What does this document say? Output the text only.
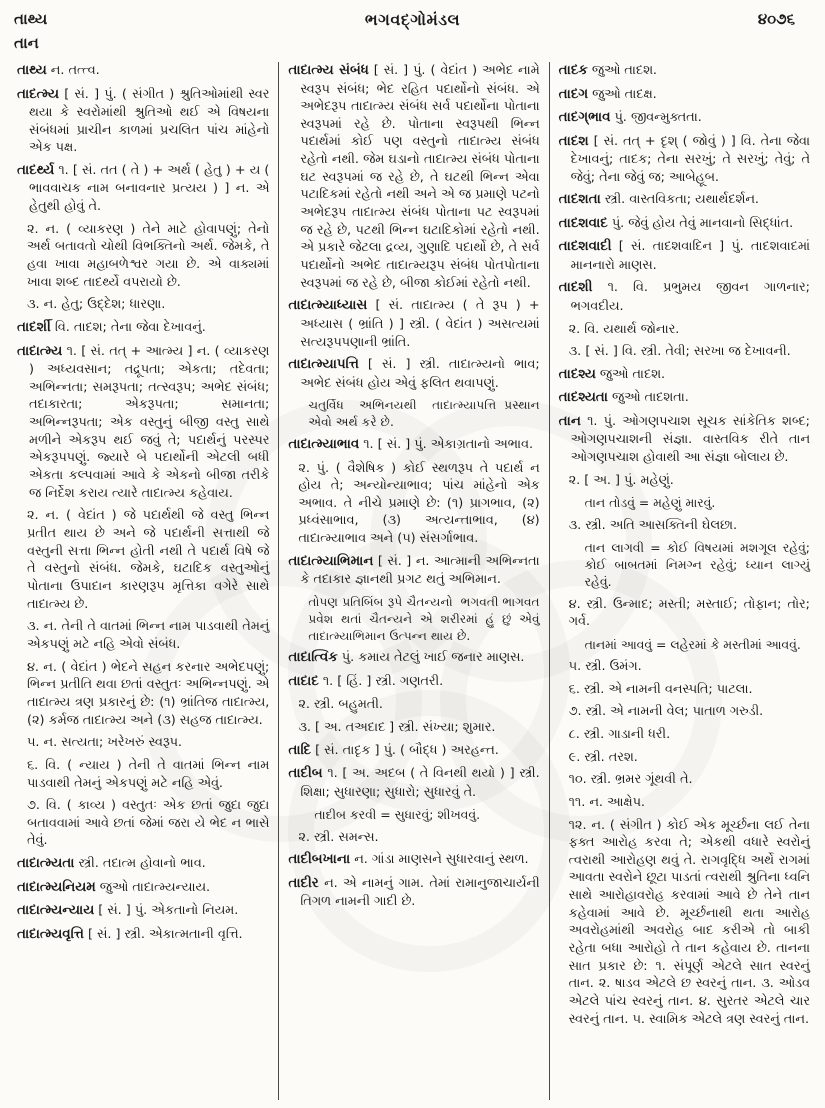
તાથ્ય
તાન
ભગવદ્ગોમંડલ	૪૦૭૬

તાથ્ય ન. તત્ત્વ.

તાદત્મ્ય [ સં. ] પું. ( સંગીત ) શ્રુતિઓમાંથી સ્વર થયા કે સ્વરોમાંથી શ્રુતિઓ થઈ એ વિષયના સંબંધમાં પ્રાચીન કાળમાં પ્રચલિત પાંચ માંહેનો એક પક્ષ.

તાદર્થ્ય ૧. [ સં. તત ( તે ) + અર્થ ( હેતુ ) + ય ( ભાવવાચક નામ બનાવનાર પ્રત્યય ) ] ન. એ હેતુથી હોવું તે.

૨. ન. ( વ્યાકરણ ) તેને માટે હોવાપણું; તેનો અર્થ બતાવતો ચોથી વિભક્તિનો અર્થ. જેમકે, તે હવા ખાવા મહાબળેશ્વર ગયા છે. એ વાક્યમાં ખાવા શબ્દ તાદર્થ્યે વપરાયો છે.

૩. ન. હેતુ; ઉદ્દેશ; ધારણા.

તાદર્શી વિ. તાદશ; તેના જેવા દેખાવનું.

તાદાત્મ્ય ૧. [ સં. તત્ + આત્મ્ય ] ન. ( વ્યાકરણ ) અધ્યવસાન; તદ્રૂપતા; એકતા; તદેવતા; અભિન્નતા; સમરૂપતા; તત્સ્વરૂપ; અભેદ સંબંધ; તદાકારતા; એકરૂપતા; સમાનતા; અભિન્નરૂપતા; એક વસ્તુનું બીજી વસ્તુ સાથે મળીને એકરૂપ થઈ જવું તે; પદાર્થનું પરસ્પર એકરૂપપણું. જ્યારે બે પદાર્થોની એટલી બધી એકતા કલ્પવામાં આવે કે એકનો બીજા તરીકે જ નિર્દેશ કરાય ત્યારે તાદાત્મ્ય કહેવાય.

૨. ન. ( વેદાંત ) જે પદાર્થથી જે વસ્તુ ભિન્ન પ્રતીત થાય છે અને જે પદાર્થની સત્તાથી જે વસ્તુની સત્તા ભિન્ન હોતી નથી તે પદાર્થ વિષે જે તે વસ્તુનો સંબંધ. જેમકે, ઘટાદિક વસ્તુઓનું પોતાના ઉપાદાન કારણરૂપ મૃત્તિકા વગેરે સાથે તાદાત્મ્ય છે.

૩. ન. તેની તે વાતમાં ભિન્ન નામ પાડવાથી તેમનું એકપણું મટે નહિ એવો સંબંધ.

૪. ન. ( વેદાંત ) ભેદને સહન કરનાર અભેદપણું; ભિન્ન પ્રતીતિ થવા છતાં વસ્તુતઃ અભિન્નપણું. એ તાદાત્મ્ય ત્રણ પ્રકારનું છે: (૧) ભ્રાંતિજ તાદાત્મ્ય, (૨) કર્મજ તાદાત્મ્ય અને (૩) સહજ તાદાત્મ્ય.

૫. ન. સત્યતા; ખરેખરું સ્વરૂપ.

૬. વિ. ( ન્યાય ) તેની તે વાતમાં ભિન્ન નામ પાડવાથી તેમનું એકપણું મટે નહિ એવું.

૭. વિ. ( કાવ્ય ) વસ્તુતઃ એક છતાં જુદા જુદા બતાવવામાં આવે છતાં જેમાં જરા યે ભેદ ન ભાસે તેવું.

તાદાત્મ્યતા સ્ત્રી. તદાત્મ હોવાનો ભાવ.

તાદાત્મ્યનિયમ જુઓ તાદાત્મ્યન્યાય.

તાદાત્મ્યન્યાય [ સં. ] પું. એકતાનો નિયમ.

તાદાત્મ્યવૃત્તિ [ સં. ] સ્ત્રી. એકાત્મતાની વૃત્તિ.

તાદાત્મ્ય સંબંધ [ સં. ] પું. ( વેદાંત ) અભેદ નામે સ્વરૂપ સંબંધ; ભેદ રહિત પદાર્થોનો સંબંધ. એ અભેદરૂપ તાદાત્મ્ય સંબંધ સર્વ પદાર્થોના પોતાના સ્વરૂપમાં રહે છે. પોતાના સ્વરૂપથી ભિન્ન પદાર્થમાં કોઈ પણ વસ્તુનો તાદાત્મ્ય સંબંધ રહેતો નથી. જેમ ઘડાનો તાદાત્મ્ય સંબંધ પોતાના ઘટ સ્વરૂપમાં જ રહે છે, તે ઘટથી ભિન્ન એવા પટાદિકમાં રહેતો નથી અને એ જ પ્રમાણે પટનો અભેદરૂપ તાદાત્મ્ય સંબંધ પોતાના પટ સ્વરૂપમાં જ રહે છે, પટથી ભિન્ન ઘટાદિકોમાં રહેતો નથી. એ પ્રકારે જેટલા દ્રવ્ય, ગુણાદિ પદાર્થો છે, તે સર્વ પદાર્થોનો અભેદ તાદાત્મ્યરૂપ સંબંધ પોતપોતાના સ્વરૂપમાં જ રહે છે, બીજા કોઈમાં રહેતો નથી.

તાદાત્મ્યાધ્યાસ [ સં. તાદાત્મ્ય ( તે રૂપ ) + અધ્યાસ ( ભ્રાંતિ ) ] સ્ત્રી. ( વેદાંત ) અસત્યમાં સત્યરૂપપણાની ભ્રાંતિ.

તાદાત્મ્યાપત્તિ [ સં. ] સ્ત્રી. તાદાત્મ્યનો ભાવ; અભેદ સંબંધ હોય એવું ફલિત થવાપણું.

પ્રસ્થાન
ચતુર્વિધ અભિનયથી તાદાત્મ્યાપત્તિ એવો અર્થ કરે છે.

તાદાત્મ્યાભાવ ૧. [ સં. ] પું. એકાગ્રતાનો અભાવ.

૨. પું. ( વૈશેષિક ) કોઈ સ્થળરૂપ તે પદાર્થ ન હોય તે; અન્યોન્યાભાવ; પાંચ માંહેનો એક અભાવ. તે નીચે પ્રમાણે છે: (૧) પ્રાગભાવ, (૨) પ્રધ્વંસાભાવ, (૩) અત્યન્તાભાવ, (૪) તાદાત્મ્યાભાવ અને (૫) સંસર્ગાભાવ.

તાદાત્મ્યાભિમાન [ સં. ] ન. આત્માની અભિન્નતા કે તદાકાર જ્ઞાનથી પ્રગટ થતું અભિમાન.

ભગવતી ભાગવત
તોપણ પ્રતિબિંબ રૂપે ચૈતન્યનો પ્રવેશ થતાં ચૈતન્યને એ શરીરમાં હું છું એવું તાદાત્મ્યાભિમાન ઉત્પન્ન થાય છે.

તાદાત્વિક પું. કમાય તેટલું ખાઈ જનાર માણસ.

તાદાદ ૧. [ હિં. ] સ્ત્રી. ગણતરી.

૨. સ્ત્રી. બહુમતી.

૩. [ અ. તઅદાદ ] સ્ત્રી. સંખ્યા; શુમાર.

તાદિ [ સં. તાદૃક ] પું. ( બૌદ્ધ ) અરહન્ત.

તાદીબ ૧. [ અ. અદબ ( તે વિનથી થયો ) ] સ્ત્રી. શિક્ષા; સુધારણા; સુધારો; સુધારવું તે.

તાદીબ કરવી = સુધારવું; શીખવવું.

૨. સ્ત્રી. સમન્સ.

તાદીબખાના ન. ગાંડા માણસને સુધારવાનું સ્થળ.

તાદીર ન. એ નામનું ગામ. તેમાં રામાનુજાચાર્યની તિગળ નામની ગાદી છે.

તાદક જુઓ તાદશ.

તાદગ જુઓ તાદક્ષ.

તાદગ્‌ભાવ પું. જીવન્મુક્તતા.

તાદશ [ સં. તત્ + દૃશ્ ( જોવું ) ] વિ. તેના જેવા દેખાવનું; તાદક; તેના સરખું; તે સરખું; તેવું; તે જેવું; તેના જેવું જ; આબેહૂબ.

તાદશતા સ્ત્રી. વાસ્તવિકતા; યથાર્થદર્શન.

તાદશવાદ પું. જેવું હોય તેવું માનવાનો સિદ્ધાંત.

તાદશવાદી [ સં. તાદશવાદિન ] પું. તાદશવાદમાં માનનારો માણસ.

તાદશી ૧. વિ. પ્રભુમય જીવન ગાળનાર; ભગવદીય.

૨. વિ. યથાર્થ જોનાર.

૩. [ સં. ] વિ. સ્ત્રી. તેવી; સરખા જ દેખાવની.

તાદશ્ય જુઓ તાદશ.

તાદશ્યતા જુઓ તાદશતા.

તાન ૧. પું. ઓગણપચાશ સૂચક સાંકેતિક શબ્દ; ઓગણપચાશની સંજ્ઞા. વાસ્તવિક રીતે તાન ઓગણપચાશ હોવાથી આ સંજ્ઞા બોલાય છે.

૨. [ અ. ] પું. મહેણું.

તાન તોડવું = મહેણું મારવું.

૩. સ્ત્રી. અતિ આસક્તિની ઘેલછા.

તાન લાગવી = કોઈ વિષયમાં મશગૂલ રહેવું; કોઈ બાબતમાં નિમગ્ન રહેવું; ધ્યાન લાગ્યું રહેવું.

૪. સ્ત્રી. ઉન્માદ; મસ્તી; મસ્તાઈ; તોફાન; તોર; ગર્વ.

તાનમાં આવવું = લહેરમાં કે મસ્તીમાં આવવું.

૫. સ્ત્રી. ઉમંગ.

૬. સ્ત્રી. એ નામની વનસ્પતિ; પાટલા.

૭. સ્ત્રી. એ નામની વેલ; પાતાળ ગરુડી.

૮. સ્ત્રી. ગાડાની ધરી.

૯. સ્ત્રી. તરશ.

૧૦. સ્ત્રી. ભ્રમર ગૂંથવી તે.

૧૧. ન. આક્ષેપ.

૧૨. ન. ( સંગીત ) કોઈ એક મૂર્ચ્છના લઈ તેના ફક્ત આરોહ કરવા તે; એકથી વધારે સ્વરોનું ત્વરાથી આરોહણ થવું તે. રાગવૃદ્ધિ અર્થે રાગમાં આવતા સ્વરોને છૂટા પાડતાં ત્વરાથી શ્રુતિના ધ્વનિ સાથે આરોહાવરોહ કરવામાં આવે છે તેને તાન કહેવામાં આવે છે. મૂર્ચ્છનાથી થતા આરોહ અવરોહમાંથી અવરોહ બાદ કરીએ તો બાકી રહેતા બધા આરોહો તે તાન કહેવાય છે. તાનના સાત પ્રકાર છે: ૧. સંપૂર્ણ એટલે સાત સ્વરનું તાન. ૨. ષાડવ એટલે છ સ્વરનું તાન. ૩. ઓડવ એટલે પાંચ સ્વરનું તાન. ૪. સુરતર એટલે ચાર સ્વરનું તાન. ૫. સ્વામિક એટલે ત્રણ સ્વરનું તાન.
